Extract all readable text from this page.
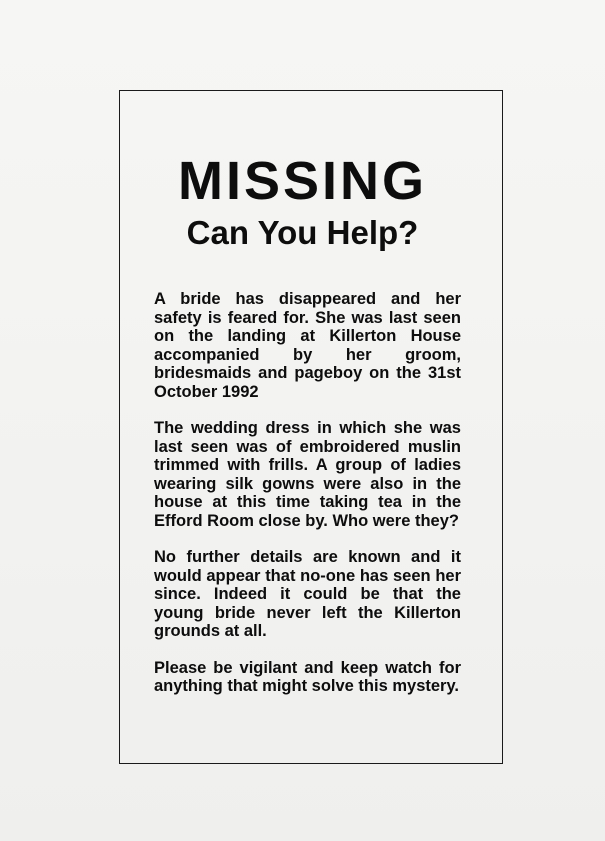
MISSING
Can You Help?

A bride has disappeared and her safety is feared for. She was last seen on the landing at Killerton House accompanied by her groom, bridesmaids and pageboy on the 31st October 1992

The wedding dress in which she was last seen was of embroidered muslin trimmed with frills. A group of ladies wearing silk gowns were also in the house at this time taking tea in the Efford Room close by. Who were they?

No further details are known and it would appear that no-one has seen her since. Indeed it could be that the young bride never left the Killerton grounds at all.

Please be vigilant and keep watch for anything that might solve this mystery.
